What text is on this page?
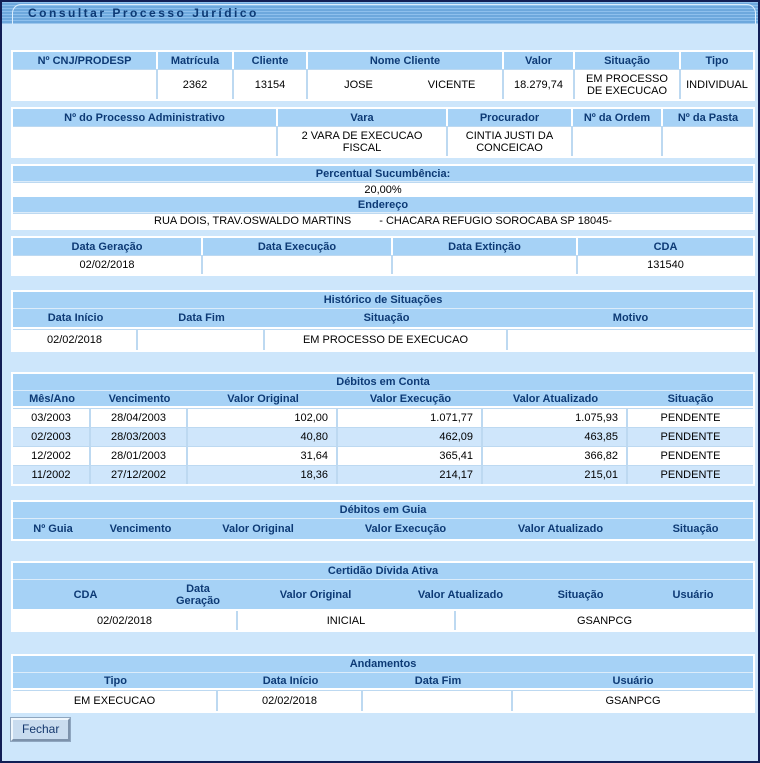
Consultar Processo Jurídico
Nº CNJ/PRODESP	Matrícula	Cliente	Nome Cliente	Valor	Situação	Tipo
	2362	13154	JOSE VICENTE	18.279,74	EM PROCESSO DE EXECUCAO	INDIVIDUAL
Nº do Processo Administrativo	Vara	Procurador	Nº da Ordem	Nº da Pasta
	2 VARA DE EXECUCAO FISCAL	CINTIA JUSTI DA CONCEICAO		
Percentual Sucumbência:
20,00%
Endereço
RUA DOIS, TRAV.OSWALDO MARTINS	- CHACARA REFUGIO SOROCABA SP 18045-
Data Geração	Data Execução	Data Extinção	CDA
02/02/2018			131540
Histórico de Situações			
Data Início	Data Fim	Situação	Motivo
02/02/2018		EM PROCESSO DE EXECUCAO	
Débitos em Conta					
Mês/Ano	Vencimento	Valor Original	Valor Execução	Valor Atualizado	Situação
03/2003	28/04/2003	102,00	1.071,77	1.075,93	PENDENTE
02/2003	28/03/2003	40,80	462,09	463,85	PENDENTE
12/2002	28/01/2003	31,64	365,41	366,82	PENDENTE
11/2002	27/12/2002	18,36	214,17	215,01	PENDENTE
Débitos em Guia
Nº Guia	Vencimento	Valor Original	Valor Execução	Valor Atualizado	Situação
Certidão Dívida Ativa
CDA	Data Geração	Valor Original	Valor Atualizado	Situação	Usuário
02/02/2018	INICIAL	GSANPCG
Andamentos			
Tipo	Data Início	Data Fim	Usuário
EM EXECUCAO	02/02/2018		GSANPCG
Fechar
